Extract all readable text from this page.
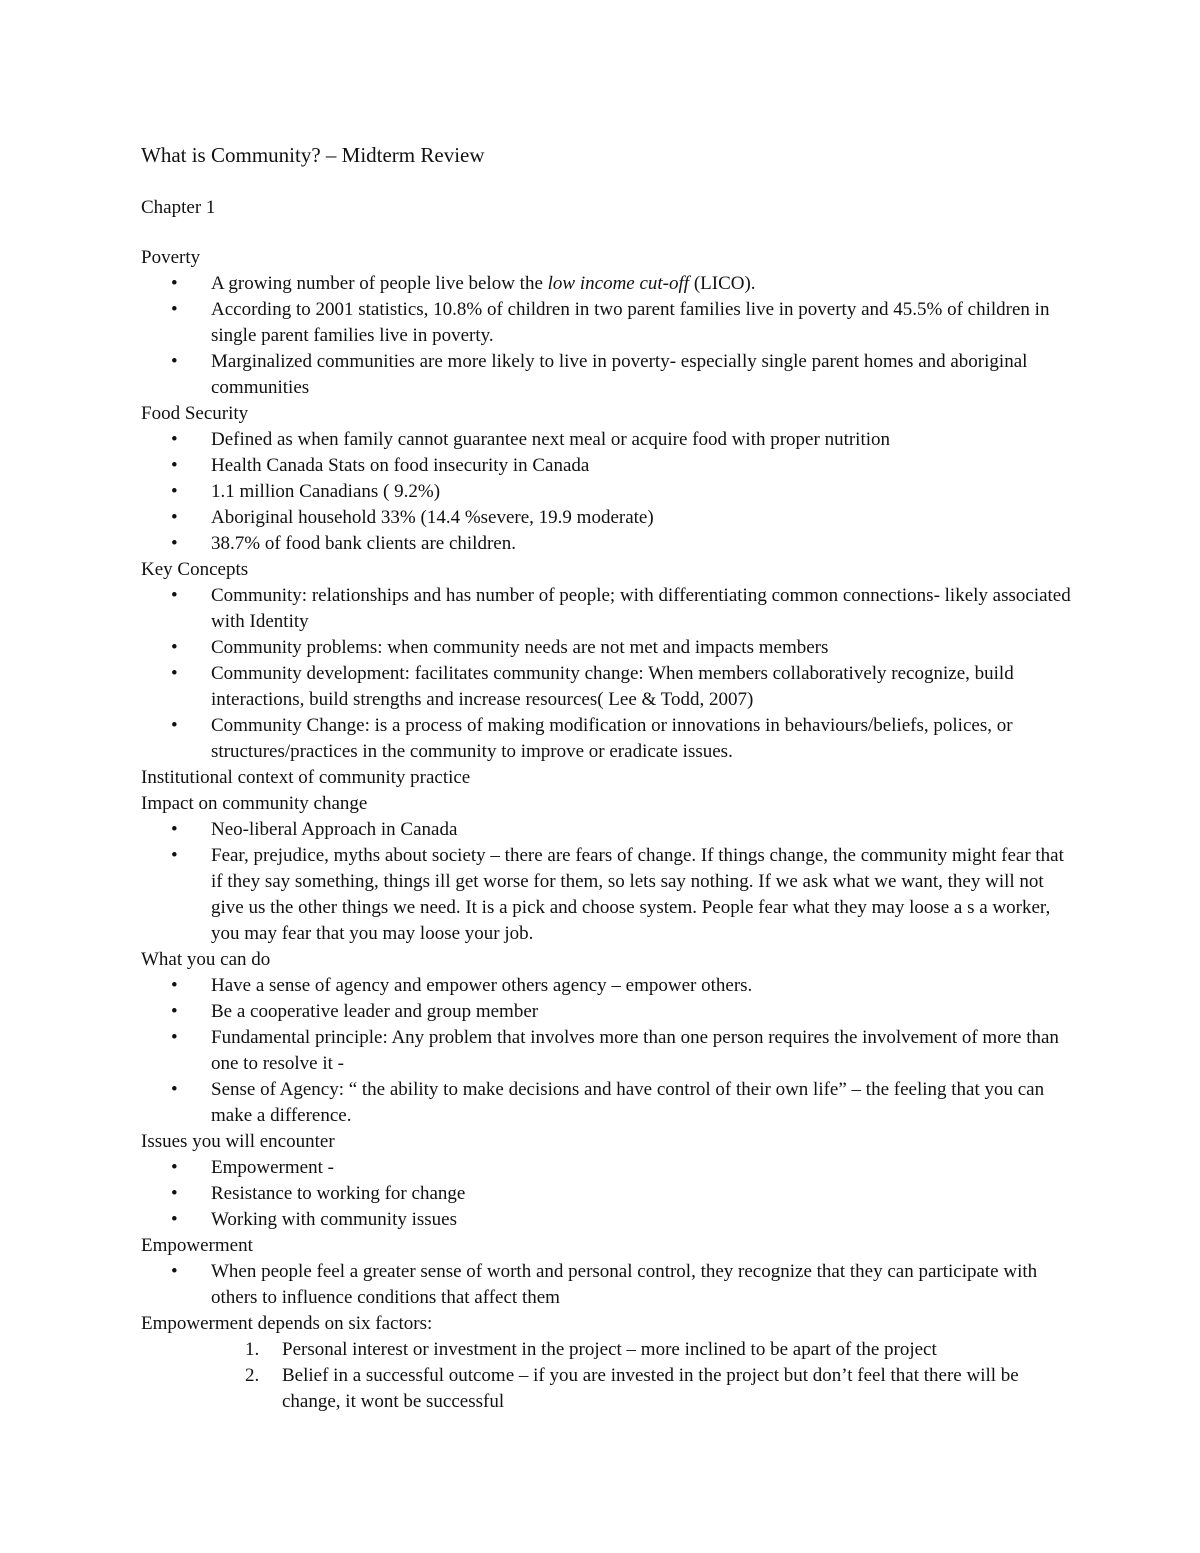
What is Community? – Midterm Review
Chapter 1
Poverty
• A growing number of people live below the low income cut-off (LICO).
• According to 2001 statistics, 10.8% of children in two parent families live in poverty and 45.5% of children in single parent families live in poverty.
• Marginalized communities are more likely to live in poverty- especially single parent homes and aboriginal communities
Food Security
• Defined as when family cannot guarantee next meal or acquire food with proper nutrition
• Health Canada Stats on food insecurity in Canada
• 1.1 million Canadians ( 9.2%)
• Aboriginal household 33% (14.4 %severe, 19.9 moderate)
• 38.7% of food bank clients are children.
Key Concepts
• Community: relationships and has number of people; with differentiating common connections- likely associated with Identity
• Community problems: when community needs are not met and impacts members
• Community development: facilitates community change: When members collaboratively recognize, build interactions, build strengths and increase resources( Lee & Todd, 2007)
• Community Change: is a process of making modification or innovations in behaviours/beliefs, polices, or structures/practices in the community to improve or eradicate issues.
Institutional context of community practice
Impact on community change
• Neo-liberal Approach in Canada
• Fear, prejudice, myths about society – there are fears of change. If things change, the community might fear that if they say something, things ill get worse for them, so lets say nothing. If we ask what we want, they will not give us the other things we need. It is a pick and choose system. People fear what they may loose a s a worker, you may fear that you may loose your job.
What you can do
• Have a sense of agency and empower others agency – empower others.
• Be a cooperative leader and group member
• Fundamental principle: Any problem that involves more than one person requires the involvement of more than one to resolve it -
• Sense of Agency: “ the ability to make decisions and have control of their own life” – the feeling that you can make a difference.
Issues you will encounter
• Empowerment -
• Resistance to working for change
• Working with community issues
Empowerment
• When people feel a greater sense of worth and personal control, they recognize that they can participate with others to influence conditions that affect them
Empowerment depends on six factors:
1. Personal interest or investment in the project – more inclined to be apart of the project
2. Belief in a successful outcome – if you are invested in the project but don’t feel that there will be change, it wont be successful
